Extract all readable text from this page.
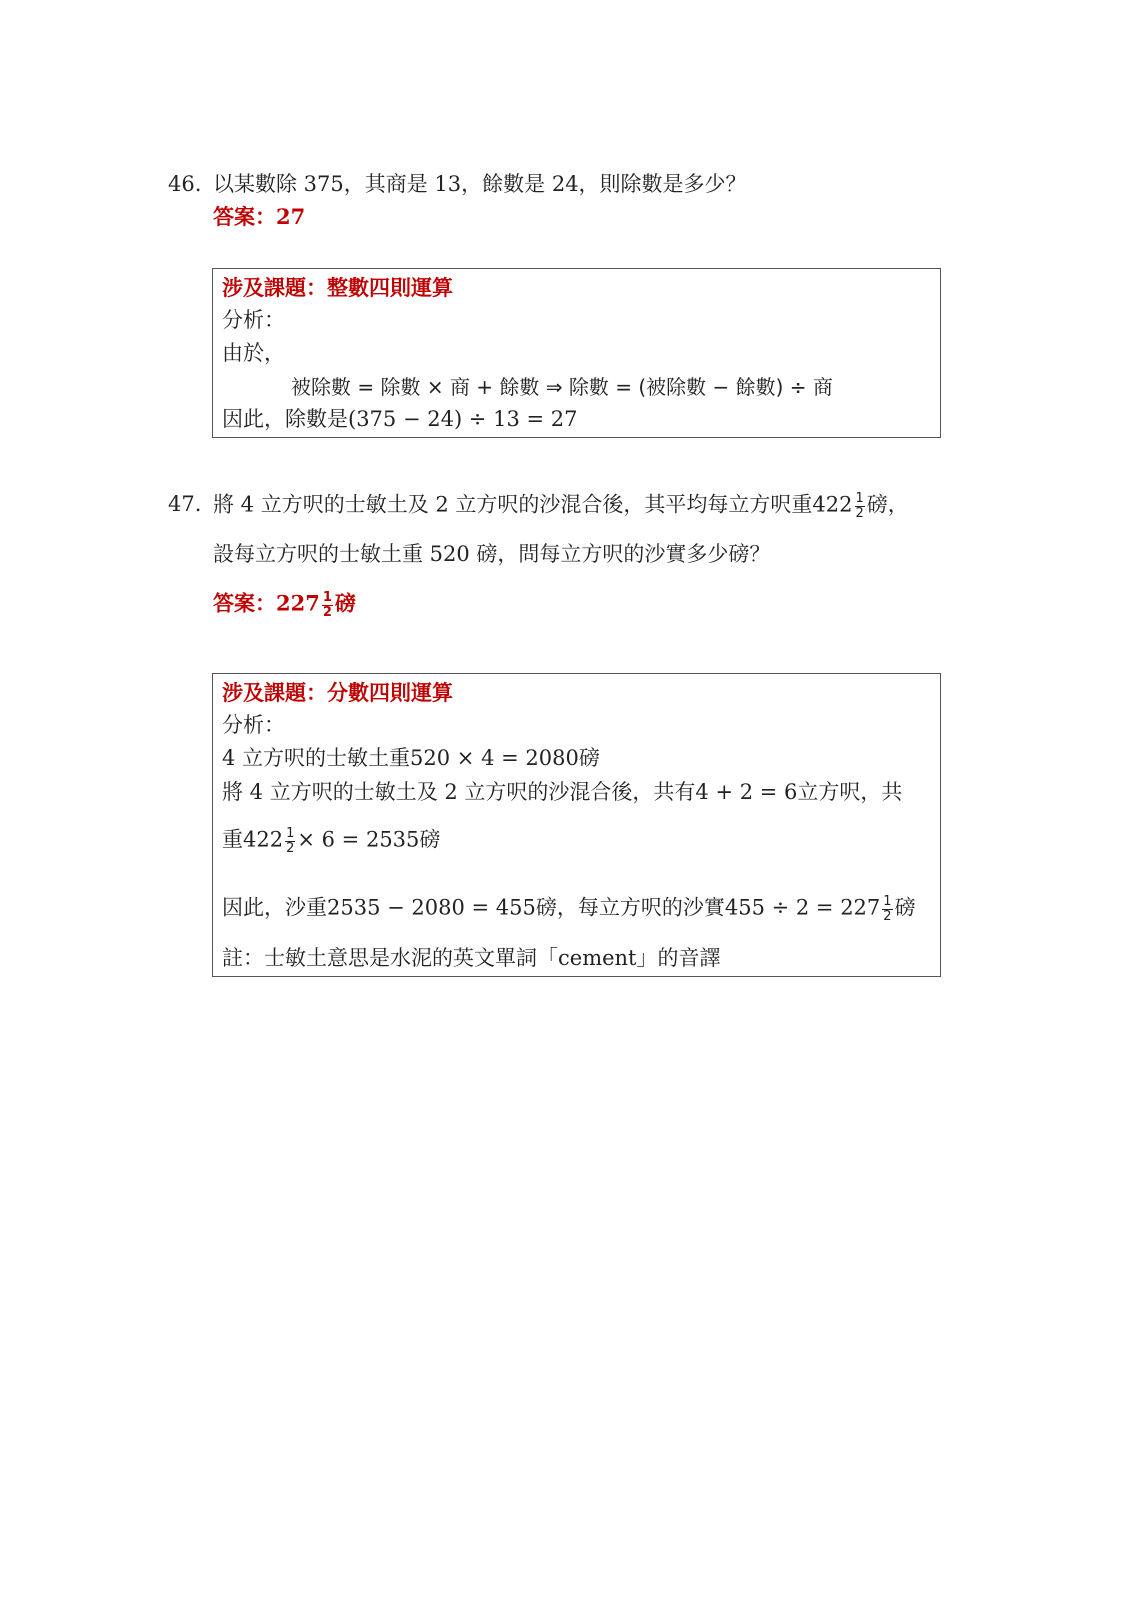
46. 以某數除 375，其商是 13，餘數是 24，則除數是多少？
答案：27
涉及課題：整數四則運算
分析：
由於，
被除數 = 除數 × 商 + 餘數 ⇒ 除數 = (被除數 − 餘數) ÷ 商
因此，除數是(375 − 24) ÷ 13 = 27
47. 將 4 立方呎的士敏土及 2 立方呎的沙混合後，其平均每立方呎重$422 \frac{1}{2}$ 磅，
設每立方呎的士敏土重 520 磅，問每立方呎的沙實多少磅？
答案：$227 \frac{1}{2}$ 磅
涉及課題：分數四則運算
分析：
4 立方呎的士敏土重520 × 4 = 2080磅
將 4 立方呎的士敏土及 2 立方呎的沙混合後，共有4 + 2 = 6立方呎，共
重$422 \frac{1}{2} \times 6 = 2535$磅
因此，沙重2535 − 2080 = 455磅，每立方呎的沙實$455 \div 2 = 227 \frac{1}{2}$ 磅
註：士敏土意思是水泥的英文單詞「cement」的音譯
